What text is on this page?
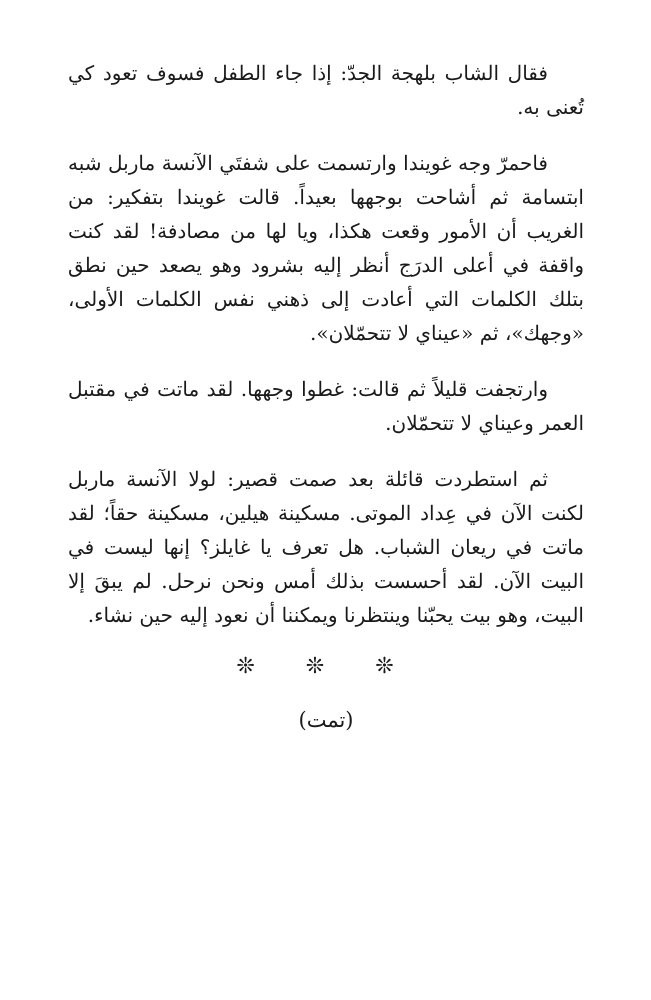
فقال الشاب بلهجة الجدّ: إذا جاء الطفل فسوف تعود كي تُعنى به.

فاحمرّ وجه غويندا وارتسمت على شفتَي الآنسة ماربل شبه ابتسامة ثم أشاحت بوجهها بعيداً. قالت غويندا بتفكير: من الغريب أن الأمور وقعت هكذا، ويا لها من مصادفة! لقد كنت واقفة في أعلى الدرَج أنظر إليه بشرود وهو يصعد حين نطق بتلك الكلمات التي أعادت إلى ذهني نفس الكلمات الأولى، «وجهك»، ثم «عيناي لا تتحمّلان».

وارتجفت قليلاً ثم قالت: غطوا وجهها. لقد ماتت في مقتبل العمر وعيناي لا تتحمّلان.

ثم استطردت قائلة بعد صمت قصير: لولا الآنسة ماربل لكنت الآن في عِداد الموتى. مسكينة هيلين، مسكينة حقاً؛ لقد ماتت في ريعان الشباب. هل تعرف يا غايلز؟ إنها ليست في البيت الآن. لقد أحسست بذلك أمس ونحن نرحل. لم يبقَ إلا البيت، وهو بيت يحبّنا وينتظرنا ويمكننا أن نعود إليه حين نشاء.

❊ ❊ ❊
(تمت)
